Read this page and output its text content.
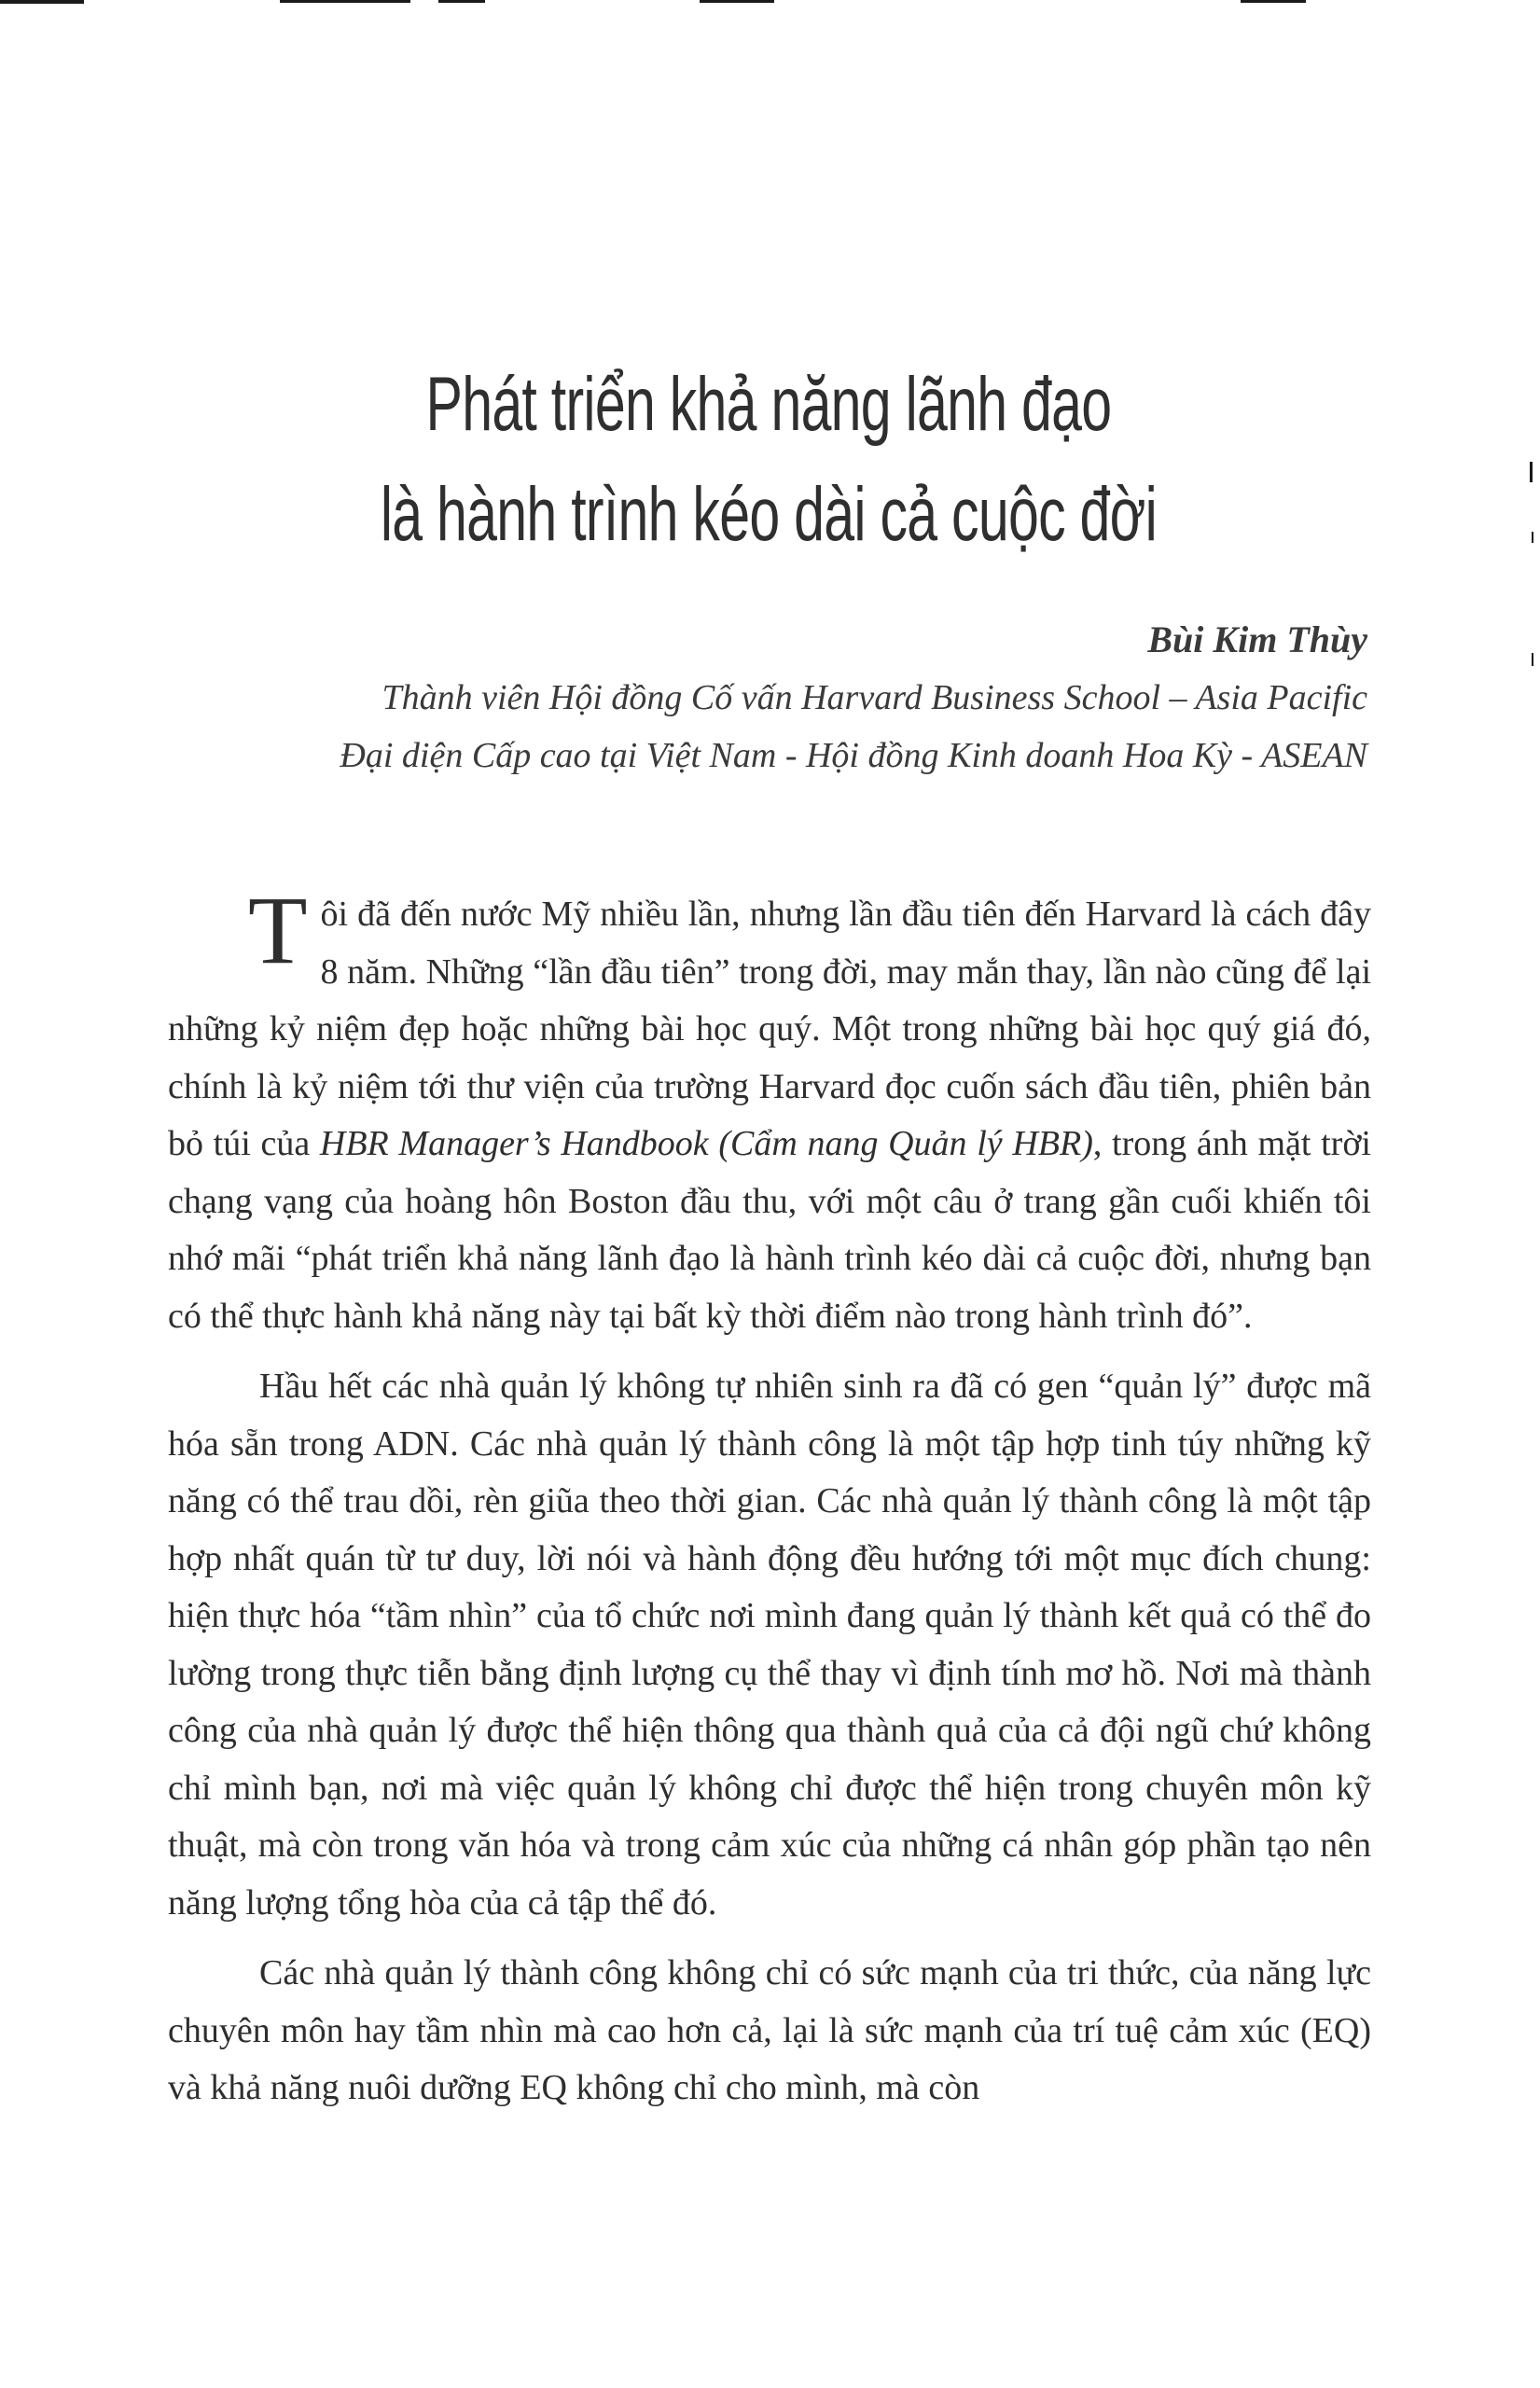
Phát triển khả năng lãnh đạo
là hành trình kéo dài cả cuộc đời
Bùi Kim Thùy
Thành viên Hội đồng Cố vấn Harvard Business School – Asia Pacific
Đại diện Cấp cao tại Việt Nam - Hội đồng Kinh doanh Hoa Kỳ - ASEAN

Tôi đã đến nước Mỹ nhiều lần, nhưng lần đầu tiên đến Harvard là cách đây 8 năm. Những “lần đầu tiên” trong đời, may mắn thay, lần nào cũng để lại những kỷ niệm đẹp hoặc những bài học quý. Một trong những bài học quý giá đó, chính là kỷ niệm tới thư viện của trường Harvard đọc cuốn sách đầu tiên, phiên bản bỏ túi của HBR Manager’s Handbook (Cẩm nang Quản lý HBR), trong ánh mặt trời chạng vạng của hoàng hôn Boston đầu thu, với một câu ở trang gần cuối khiến tôi nhớ mãi “phát triển khả năng lãnh đạo là hành trình kéo dài cả cuộc đời, nhưng bạn có thể thực hành khả năng này tại bất kỳ thời điểm nào trong hành trình đó”.

Hầu hết các nhà quản lý không tự nhiên sinh ra đã có gen “quản lý” được mã hóa sẵn trong ADN. Các nhà quản lý thành công là một tập hợp tinh túy những kỹ năng có thể trau dồi, rèn giũa theo thời gian. Các nhà quản lý thành công là một tập hợp nhất quán từ tư duy, lời nói và hành động đều hướng tới một mục đích chung: hiện thực hóa “tầm nhìn” của tổ chức nơi mình đang quản lý thành kết quả có thể đo lường trong thực tiễn bằng định lượng cụ thể thay vì định tính mơ hồ. Nơi mà thành công của nhà quản lý được thể hiện thông qua thành quả của cả đội ngũ chứ không chỉ mình bạn, nơi mà việc quản lý không chỉ được thể hiện trong chuyên môn kỹ thuật, mà còn trong văn hóa và trong cảm xúc của những cá nhân góp phần tạo nên năng lượng tổng hòa của cả tập thể đó.

Các nhà quản lý thành công không chỉ có sức mạnh của tri thức, của năng lực chuyên môn hay tầm nhìn mà cao hơn cả, lại là sức mạnh của trí tuệ cảm xúc (EQ) và khả năng nuôi dưỡng EQ không chỉ cho mình, mà còn
